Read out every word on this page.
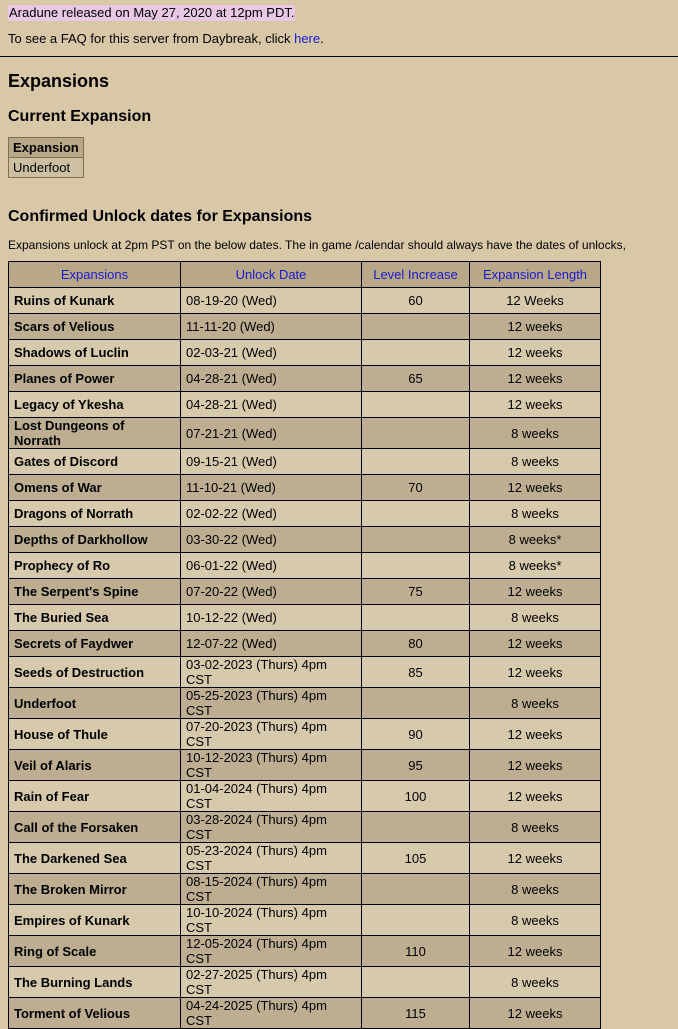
Aradune released on May 27, 2020 at 12pm PDT.
To see a FAQ for this server from Daybreak, click here.
Expansions
Current Expansion
Expansion
Underfoot
Confirmed Unlock dates for Expansions
Expansions unlock at 2pm PST on the below dates. The in game /calendar should always have the dates of unlocks,
Expansions	Unlock Date	Level Increase	Expansion Length
Ruins of Kunark	08-19-20 (Wed)	60	12 Weeks
Scars of Velious	11-11-20 (Wed)		12 weeks
Shadows of Luclin	02-03-21 (Wed)		12 weeks
Planes of Power	04-28-21 (Wed)	65	12 weeks
Legacy of Ykesha	04-28-21 (Wed)		12 weeks
Lost Dungeons of Norrath	07-21-21 (Wed)		8 weeks
Gates of Discord	09-15-21 (Wed)		8 weeks
Omens of War	11-10-21 (Wed)	70	12 weeks
Dragons of Norrath	02-02-22 (Wed)		8 weeks
Depths of Darkhollow	03-30-22 (Wed)		8 weeks*
Prophecy of Ro	06-01-22 (Wed)		8 weeks*
The Serpent's Spine	07-20-22 (Wed)	75	12 weeks
The Buried Sea	10-12-22 (Wed)		8 weeks
Secrets of Faydwer	12-07-22 (Wed)	80	12 weeks
Seeds of Destruction	03-02-2023 (Thurs) 4pm CST	85	12 weeks
Underfoot	05-25-2023 (Thurs) 4pm CST		8 weeks
House of Thule	07-20-2023 (Thurs) 4pm CST	90	12 weeks
Veil of Alaris	10-12-2023 (Thurs) 4pm CST	95	12 weeks
Rain of Fear	01-04-2024 (Thurs) 4pm CST	100	12 weeks
Call of the Forsaken	03-28-2024 (Thurs) 4pm CST		8 weeks
The Darkened Sea	05-23-2024 (Thurs) 4pm CST	105	12 weeks
The Broken Mirror	08-15-2024 (Thurs) 4pm CST		8 weeks
Empires of Kunark	10-10-2024 (Thurs) 4pm CST		8 weeks
Ring of Scale	12-05-2024 (Thurs) 4pm CST	110	12 weeks
The Burning Lands	02-27-2025 (Thurs) 4pm CST		8 weeks
Torment of Velious	04-24-2025 (Thurs) 4pm CST	115	12 weeks
